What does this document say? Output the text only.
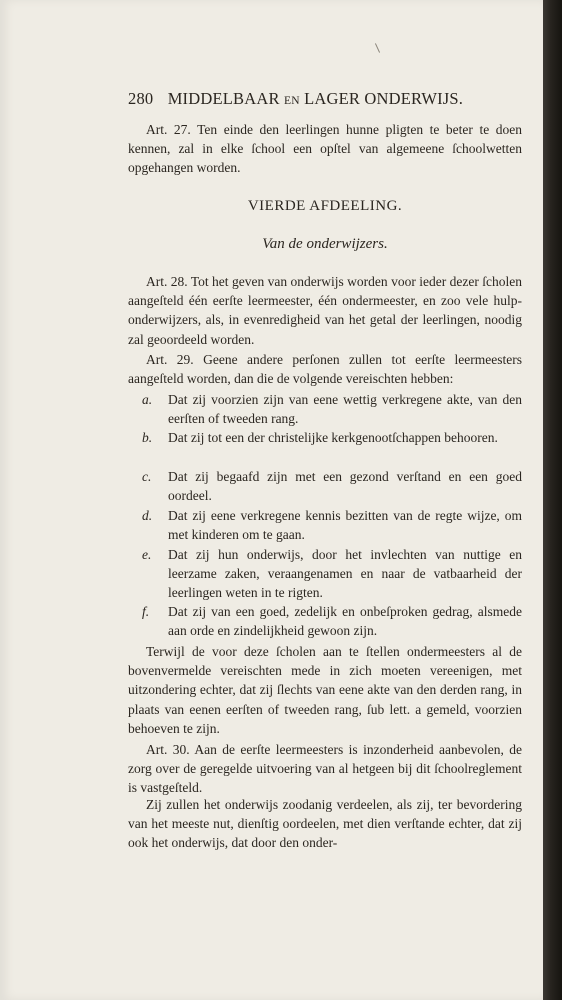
280 MIDDELBAAR EN LAGER ONDERWIJS.

Art. 27. Ten einde den leerlingen hunne pligten te beter te doen kennen, zal in elke ſchool een opſtel van algemeene ſchoolwetten opgehangen worden.

VIERDE AFDEELING.
Van de onderwijzers.

Art. 28. Tot het geven van onderwijs worden voor ieder dezer ſcholen aangeſteld één eerſte leermeester, één ondermeester, en zoo vele hulp-onderwijzers, als, in evenredigheid van het getal der leerlingen, noodig zal geoordeeld worden.

Art. 29. Geene andere perſonen zullen tot eerſte leermeesters aangeſteld worden, dan die de volgende vereischten hebben:

a. Dat zij voorzien zijn van eene wettig verkregene akte, van den eerſten of tweeden rang.
b. Dat zij tot een der christelijke kerkgenootſchappen behooren.
c. Dat zij begaafd zijn met een gezond verſtand en een goed oordeel.
d. Dat zij eene verkregene kennis bezitten van de regte wijze, om met kinderen om te gaan.
e. Dat zij hun onderwijs, door het invlechten van nuttige en leerzame zaken, veraangenamen en naar de vatbaarheid der leerlingen weten in te rigten.
f. Dat zij van een goed, zedelijk en onbeſproken gedrag, alsmede aan orde en zindelijkheid gewoon zijn.

Terwijl de voor deze ſcholen aan te ſtellen ondermeesters al de bovenvermelde vereischten mede in zich moeten vereenigen, met uitzondering echter, dat zij ſlechts van eene akte van den derden rang, in plaats van eenen eerſten of tweeden rang, ſub lett. a gemeld, voorzien behoeven te zijn.

Art. 30. Aan de eerſte leermeesters is inzonderheid aanbevolen, de zorg over de geregelde uitvoering van al hetgeen bij dit ſchoolreglement is vastgeſteld.

Zij zullen het onderwijs zoodanig verdeelen, als zij, ter bevordering van het meeste nut, dienſtig oordeelen, met dien verſtande echter, dat zij ook het onderwijs, dat door den onder-
